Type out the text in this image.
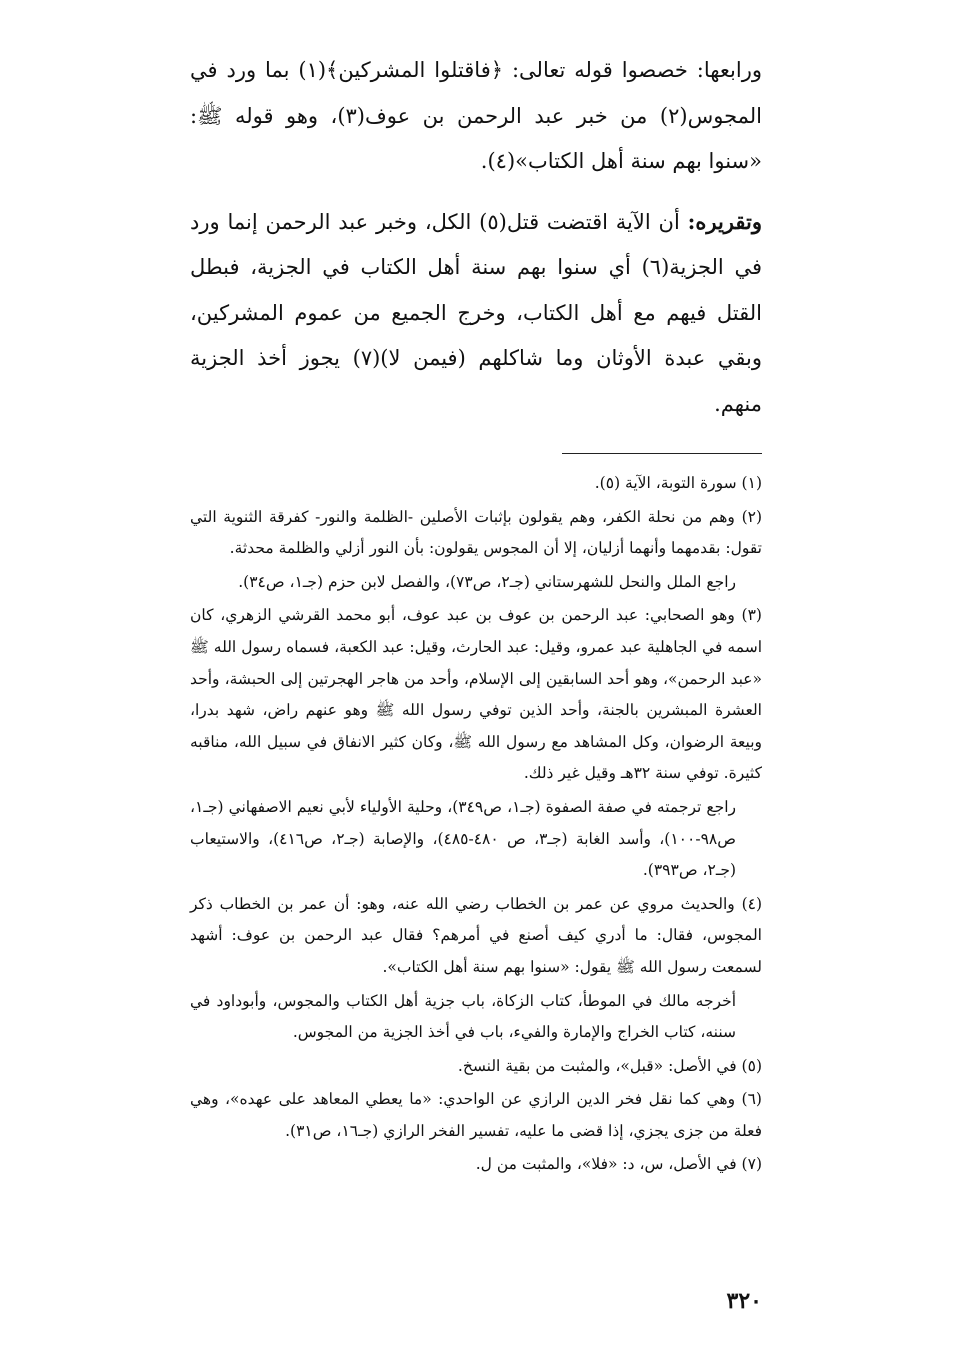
ورابعها: خصصوا قوله تعالى: ﴿فاقتلوا المشركين﴾(١) بما ورد في المجوس(٢) من خبر عبد الرحمن بن عوف(٣)، وهو قوله ﷺ: «سنوا بهم سنة أهل الكتاب»(٤).

وتقريره: أن الآية اقتضت قتل(٥) الكل، وخبر عبد الرحمن إنما ورد في الجزية(٦) أي سنوا بهم سنة أهل الكتاب في الجزية، فبطل القتل فيهم مع أهل الكتاب، وخرج الجميع من عموم المشركين، وبقي عبدة الأوثان وما شاكلهم (فيمن لا)(٧) يجوز أخذ الجزية منهم.

(١) سورة التوبة، الآية (٥).

(٢) وهم من نحلة الكفر، وهم يقولون بإثبات الأصلين -الظلمة والنور- كفرقة الثنوية التي تقول: بقدمهما وأنهما أزليان، إلا أن المجوس يقولون: بأن النور أزلي والظلمة محدثة.

راجع الملل والنحل للشهرستاني (جـ٢، ص٧٣)، والفصل لابن حزم (جـ١، ص٣٤).

(٣) وهو الصحابي: عبد الرحمن بن عوف بن عبد عوف، أبو محمد القرشي الزهري، كان اسمه في الجاهلية عبد عمرو، وقيل: عبد الحارث، وقيل: عبد الكعبة، فسماه رسول الله ﷺ «عبد الرحمن»، وهو أحد السابقين إلى الإسلام، وأحد من هاجر الهجرتين إلى الحبشة، وأحد العشرة المبشرين بالجنة، وأحد الذين توفي رسول الله ﷺ وهو عنهم راض، شهد بدرا، وبيعة الرضوان، وكل المشاهد مع رسول الله ﷺ، وكان كثير الانفاق في سبيل الله، مناقبه كثيرة. توفي سنة ٣٢هـ وقيل غير ذلك.

راجع ترجمته في صفة الصفوة (جـ١، ص٣٤٩)، وحلية الأولياء لأبي نعيم الاصفهاني (جـ١، ص٩٨-١٠٠)، وأسد الغابة (جـ٣، ص ٤٨٠-٤٨٥)، والإصابة (جـ٢، ص٤١٦)، والاستيعاب (جـ٢، ص٣٩٣).

(٤) والحديث مروي عن عمر بن الخطاب رضي الله عنه، وهو: أن عمر بن الخطاب ذكر المجوس، فقال: ما أدري كيف أصنع في أمرهم؟ فقال عبد الرحمن بن عوف: أشهد لسمعت رسول الله ﷺ يقول: «سنوا بهم سنة أهل الكتاب».

أخرجه مالك في الموطأ، كتاب الزكاة، باب جزية أهل الكتاب والمجوس، وأبوداود في سننه، كتاب الخراج والإمارة والفيء، باب في أخذ الجزية من المجوس.

(٥) في الأصل: «قبل»، والمثبت من بقية النسخ.

(٦) وهي كما نقل فخر الدين الرازي عن الواحدي: «ما يعطي المعاهد على عهده»، وهي فعلة من جزى يجزي، إذا قضى ما عليه، تفسير الفخر الرازي (جـ١٦، ص٣١).

(٧) في الأصل، س، د: «فلا»، والمثبت من ل.

٣٢٠
